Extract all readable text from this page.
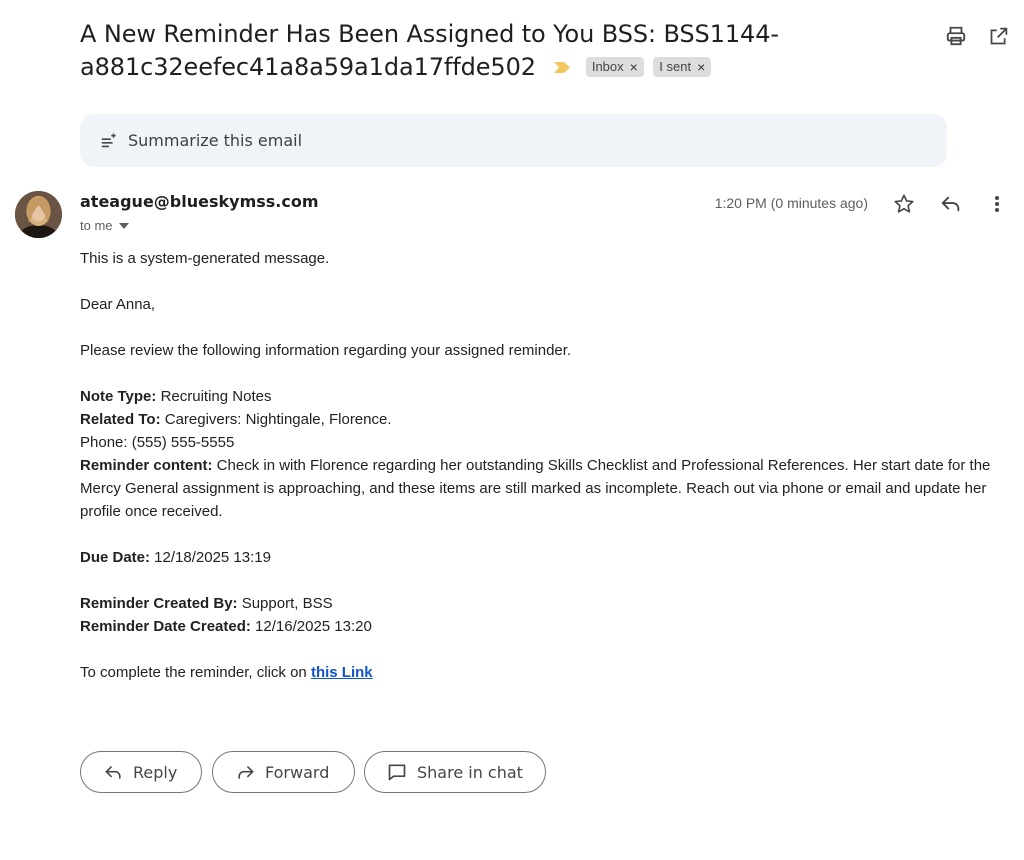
A New Reminder Has Been Assigned to You BSS: BSS1144-a881c32eefec41a8a59a1da17ffde502	Inbox ×
I sent ×
Summarize this email
ateague@blueskymss.com
to me
1:20 PM (0 minutes ago)

This is a system-generated message.

Dear Anna,

Please review the following information regarding your assigned reminder.

Note Type: Recruiting Notes

Related To: Caregivers: Nightingale, Florence.

Phone: (555) 555-5555

Reminder content: Check in with Florence regarding her outstanding Skills Checklist and Professional References. Her start date for the Mercy General assignment is approaching, and these items are still marked as incomplete. Reach out via phone or email and update her profile once received.

Due Date: 12/18/2025 13:19

Reminder Created By: Support, BSS

Reminder Date Created: 12/16/2025 13:20

To complete the reminder, click on this Link

Reply	Forward	Share in chat
